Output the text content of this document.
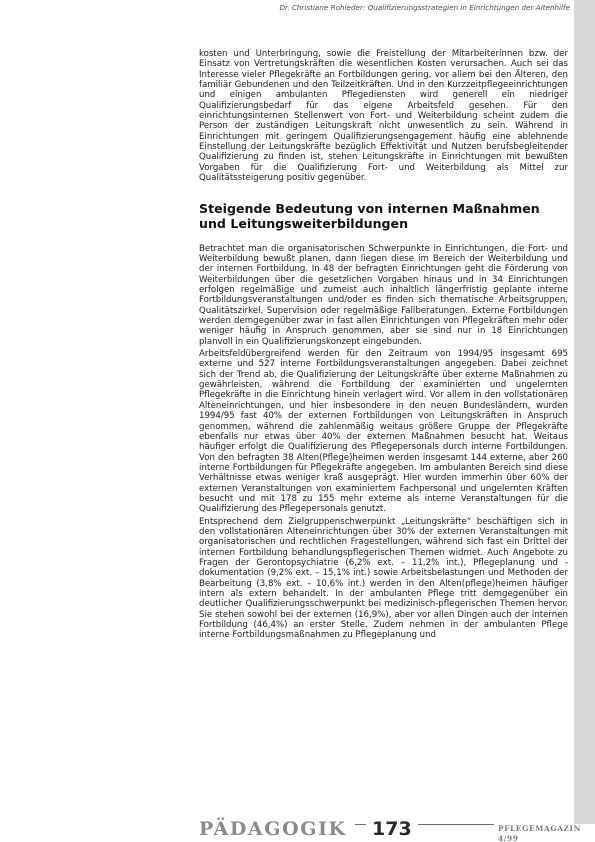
Dr. Christiane Rohleder: Qualifizierungsstrategien in Einrichtungen der Altenhilfe

kosten und Unterbringung, sowie die Freistellung der Mitarbeiterinnen bzw. der Einsatz von Vertretungskräften die wesentlichen Kosten verursachen. Auch sei das Interesse vieler Pflegekräfte an Fortbildungen gering, vor allem bei den Älteren, den familiär Gebundenen und den Teilzeitkräften. Und in den Kurzzeitpflegeeinrichtungen und einigen ambulanten Pflegediensten wird generell ein niedriger Qualifizierungsbedarf für das eigene Arbeitsfeld gesehen. Für den einrichtungsinternen Stellenwert von Fort- und Weiterbildung scheint zudem die Person der zuständigen Leitungskraft nicht unwesentlich zu sein. Während in Einrichtungen mit geringem Qualifizierungsengagement häufig eine ablehnende Einstellung der Leitungskräfte bezüglich Effektivität und Nutzen berufsbegleitender Qualifizierung zu finden ist, stehen Leitungskräfte in Einrichtungen mit bewußten Vorgaben für die Qualifizierung Fort- und Weiterbildung als Mittel zur Qualitätssteigerung positiv gegenüber.

Steigende Bedeutung von internen Maßnahmen und Leitungsweiterbildungen

Betrachtet man die organisatorischen Schwerpunkte in Einrichtungen, die Fort- und Weiterbildung bewußt planen, dann liegen diese im Bereich der Weiterbildung und der internen Fortbildung. In 48 der befragten Einrichtungen geht die Förderung von Weiterbildungen über die gesetzlichen Vorgaben hinaus und in 34 Einrichtungen erfolgen regelmäßige und zumeist auch inhaltlich längerfristig geplante interne Fortbildungsveranstaltungen und/oder es finden sich thematische Arbeitsgruppen, Qualitätszirkel, Supervision oder regelmäßige Fallberatungen. Externe Fortbildungen werden demgegenüber zwar in fast allen Einrichtungen von Pflegekräften mehr oder weniger häufig in Anspruch genommen, aber sie sind nur in 18 Einrichtungen planvoll in ein Qualifizierungskonzept eingebunden.

Arbeitsfeldübergreifend werden für den Zeitraum von 1994/95 insgesamt 695 externe und 527 interne Fortbildungsveranstaltungen angegeben. Dabei zeichnet sich der Trend ab, die Qualifizierung der Leitungskräfte über externe Maßnahmen zu gewährleisten, während die Fortbildung der examinierten und ungelernten Pflegekräfte in die Einrichtung hinein verlagert wird. Vor allem in den vollstationären Alteneinrichtungen, und hier insbesondere in den neuen Bundesländern, wurden 1994/95 fast 40% der externen Fortbildungen von Leitungskräften in Anspruch genommen, während die zahlenmäßig weitaus größere Gruppe der Pflegekräfte ebenfalls nur etwas über 40% der externen Maßnahmen besucht hat. Weitaus häufiger erfolgt die Qualifizierung des Pflegepersonals durch interne Fortbildungen. Von den befragten 38 Alten(Pflege)heimen werden insgesamt 144 externe, aber 260 interne Fortbildungen für Pflegekräfte angegeben. Im ambulanten Bereich sind diese Verhältnisse etwas weniger kraß ausgeprägt. Hier wurden immerhin über 60% der externen Veranstaltungen von examiniertem Fachpersonal und ungelernten Kräften besucht und mit 178 zu 155 mehr externe als interne Veranstaltungen für die Qualifizierung des Pflegepersonals genutzt.

Entsprechend dem Zielgruppenschwerpunkt „Leitungskräfte“ beschäftigen sich in den vollstationären Alteneinrichtungen über 30% der externen Veranstaltungen mit organisatorischen und rechtlichen Fragestellungen, während sich fast ein Drittel der internen Fortbildung behandlungspflegerischen Themen widmet. Auch Angebote zu Fragen der Gerontopsychiatrie (6,2% ext. – 11,2% int.), Pflegeplanung und -dokumentation (9,2% ext. – 15,1% int.) sowie Arbeitsbelastungen und Methoden der Bearbeitung (3,8% ext. – 10,6% int.) werden in den Alten(pflege)heimen häufiger intern als extern behandelt. In der ambulanten Pflege tritt demgegenüber ein deutlicher Qualifizierungsschwerpunkt bei medizinisch-pflegerischen Themen hervor. Sie stehen sowohl bei der externen (16,9%), aber vor allen Dingen auch der internen Fortbildung (46,4%) an erster Stelle. Zudem nehmen in der ambulanten Pflege interne Fortbildungsmaßnahmen zu Pflegeplanung und

PÄDAGOGIK	173	PFLEGEMAGAZIN 4/99
